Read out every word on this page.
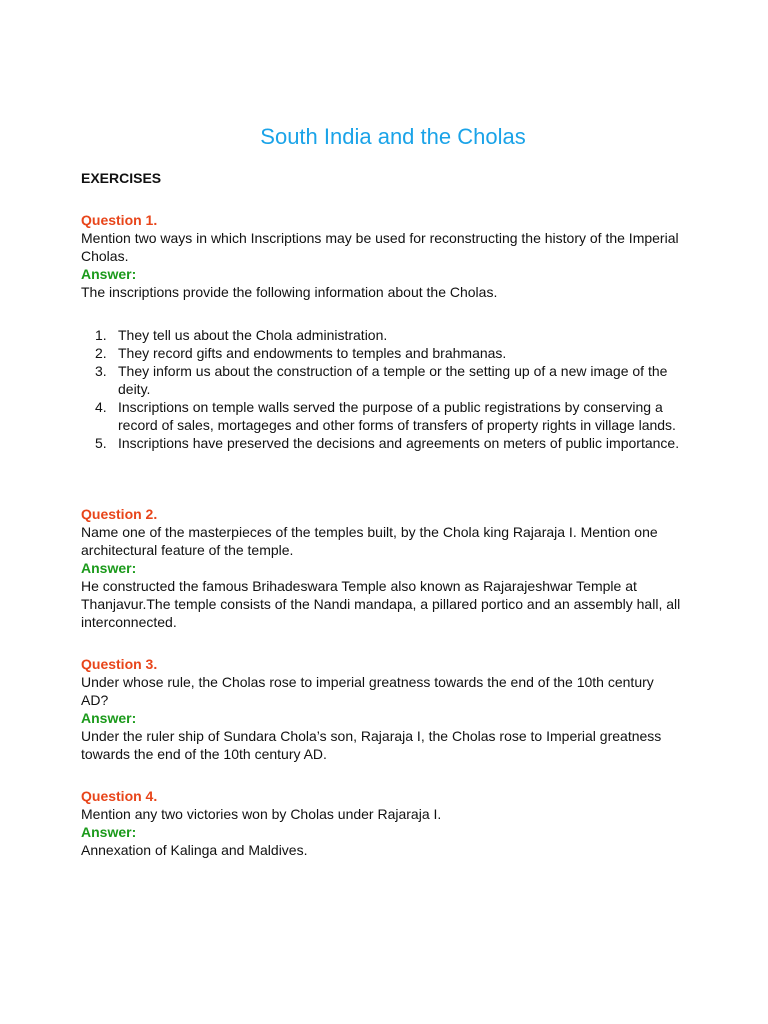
South India and the Cholas
EXERCISES
Question 1.
Mention two ways in which Inscriptions may be used for reconstructing the history of the Imperial Cholas.
Answer:
The inscriptions provide the following information about the Cholas.
1. They tell us about the Chola administration.
2. They record gifts and endowments to temples and brahmanas.
3. They inform us about the construction of a temple or the setting up of a new image of the deity.
4. Inscriptions on temple walls served the purpose of a public registrations by conserving a record of sales, mortageges and other forms of transfers of property rights in village lands.
5. Inscriptions have preserved the decisions and agreements on meters of public importance.
Question 2.
Name one of the masterpieces of the temples built, by the Chola king Rajaraja I. Mention one architectural feature of the temple.
Answer:
He constructed the famous Brihadeswara Temple also known as Rajarajeshwar Temple at Thanjavur.The temple consists of the Nandi mandapa, a pillared portico and an assembly hall, all interconnected.
Question 3.
Under whose rule, the Cholas rose to imperial greatness towards the end of the 10th century AD?
Answer:
Under the ruler ship of Sundara Chola’s son, Rajaraja I, the Cholas rose to Imperial greatness towards the end of the 10th century AD.
Question 4.
Mention any two victories won by Cholas under Rajaraja I.
Answer:
Annexation of Kalinga and Maldives.
